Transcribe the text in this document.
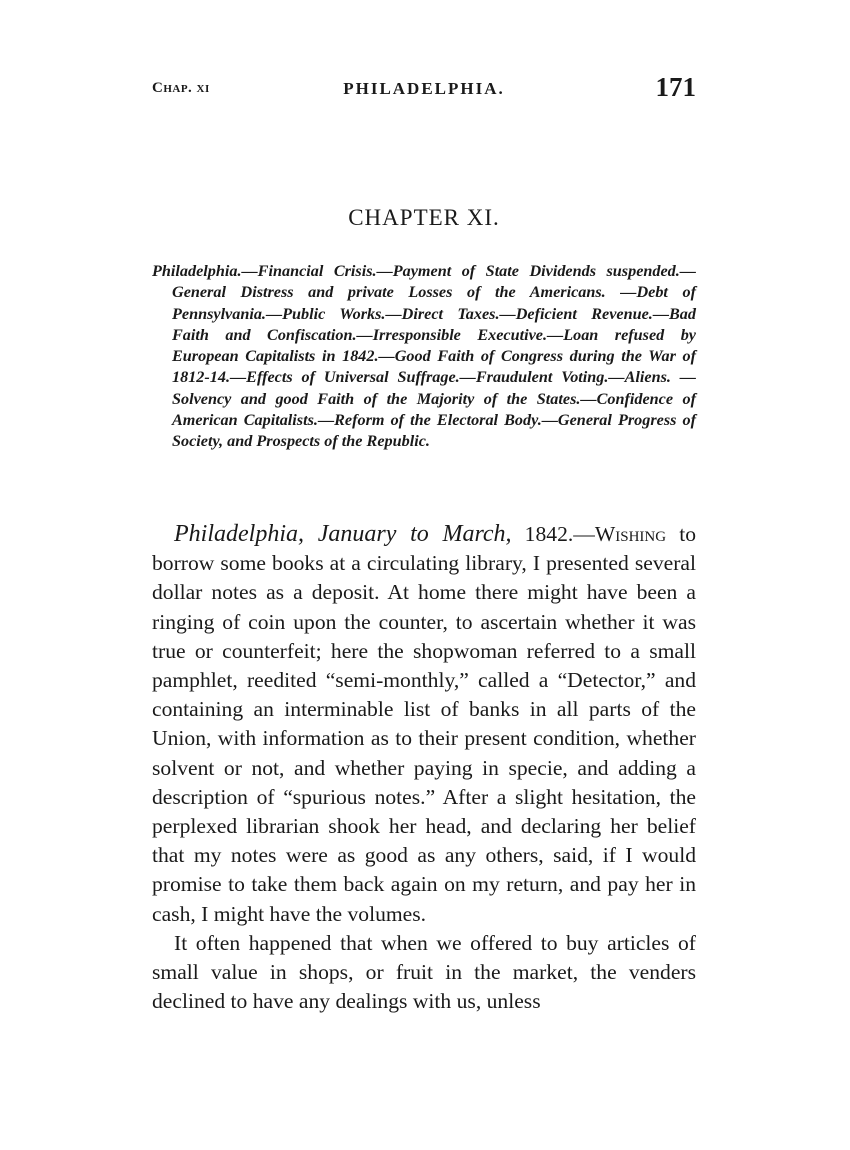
Chap. xi	PHILADELPHIA.	171
CHAPTER XI.
Philadelphia.—Financial Crisis.—Payment of State Dividends suspended.—General Distress and private Losses of the Americans. —Debt of Pennsylvania.—Public Works.—Direct Taxes.—Deficient Revenue.—Bad Faith and Confiscation.—Irresponsible Executive.—Loan refused by European Capitalists in 1842.—Good Faith of Congress during the War of 1812-14.—Effects of Universal Suffrage.—Fraudulent Voting.—Aliens. — Solvency and good Faith of the Majority of the States.—Confidence of American Capitalists.—Reform of the Electoral Body.—General Progress of Society, and Prospects of the Republic.

Philadelphia, January to March, 1842.—Wishing to borrow some books at a circulating library, I presented several dollar notes as a deposit. At home there might have been a ringing of coin upon the counter, to ascertain whether it was true or counterfeit; here the shopwoman referred to a small pamphlet, reedited “semi-monthly,” called a “Detector,” and containing an interminable list of banks in all parts of the Union, with information as to their present condition, whether solvent or not, and whether paying in specie, and adding a description of “spurious notes.” After a slight hesitation, the perplexed librarian shook her head, and declaring her belief that my notes were as good as any others, said, if I would promise to take them back again on my return, and pay her in cash, I might have the volumes.

It often happened that when we offered to buy articles of small value in shops, or fruit in the market, the venders declined to have any dealings with us, unless
